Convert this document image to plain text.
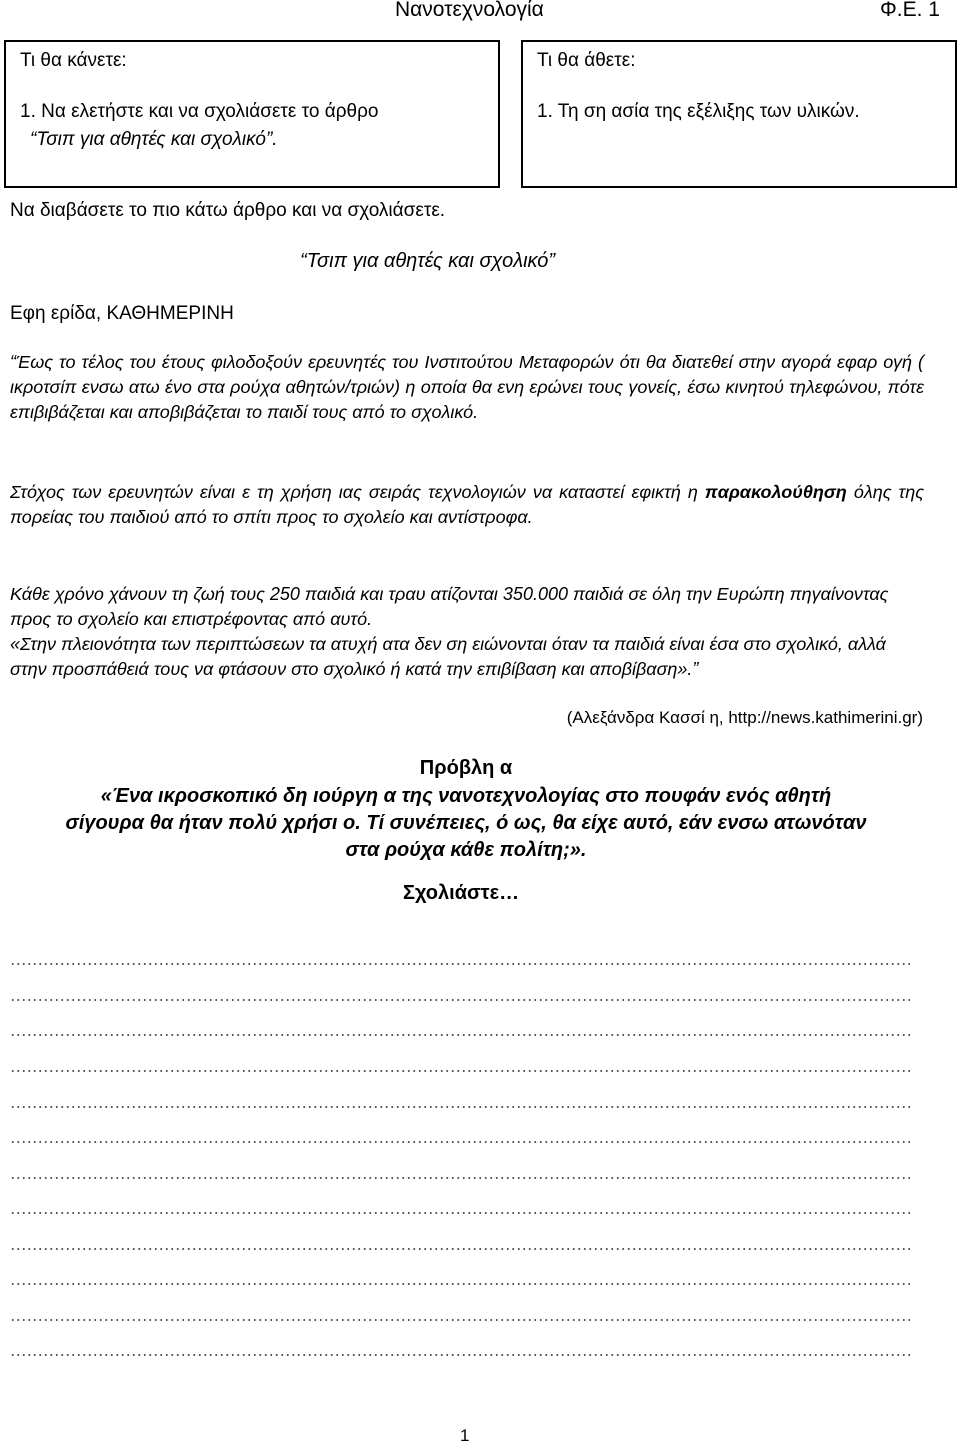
Νανοτεχνολογία	Φ.Ε. 1
Τι θα κάνετε:
1. Να ελετήστε και να σχολιάσετε το άρθρο
“Τσιπ για αθητές και σχολικό”.
Τι θα άθετε:
1. Τη ση ασία της εξέλιξης των υλικών.
Να διαβάσετε το πιο κάτω άρθρο και να σχολιάσετε.
“Τσιπ για αθητές και σχολικό”
Εφη ερίδα, ΚΑΘΗΜΕΡΙΝΗ
“Έως το τέλος του έτους φιλοδοξούν ερευνητές του Ινστιτούτου Μεταφορών ότι θα διατεθεί στην αγορά εφαρ ογή ( ικροτσίπ ενσω ατω ένο στα ρούχα αθητών/τριών) η οποία θα ενη ερώνει τους γονείς, έσω κινητού τηλεφώνου, πότε επιβιβάζεται και αποβιβάζεται το παιδί τους από το σχολικό.
Στόχος των ερευνητών είναι ε τη χρήση ιας σειράς τεχνολογιών να καταστεί εφικτή η παρακολούθηση όλης της πορείας του παιδιού από το σπίτι προς το σχολείο και αντίστροφα.
Κάθε χρόνο χάνουν τη ζωή τους 250 παιδιά και τραυ ατίζονται 350.000 παιδιά σε όλη την Ευρώπη πηγαίνοντας προς το σχολείο και επιστρέφοντας από αυτό.
«Στην πλειονότητα των περιπτώσεων τα ατυχή ατα δεν ση ειώνονται όταν τα παιδιά είναι έσα στο σχολικό, αλλά στην προσπάθειά τους να φτάσουν στο σχολικό ή κατά την επιβίβαση και αποβίβαση».”
(Αλεξάνδρα Κασσί η, http://news.kathimerini.gr)
Πρόβλη α
«Ένα ικροσκοπικό δη ιούργη α της νανοτεχνολογίας στο πουφάν ενός αθητή
σίγουρα θα ήταν πολύ χρήσι ο. Τί συνέπειες, ό ως, θα είχε αυτό, εάν ενσω ατωνόταν
στα ρούχα κάθε πολίτη;».
Σχολιάστε…
1
